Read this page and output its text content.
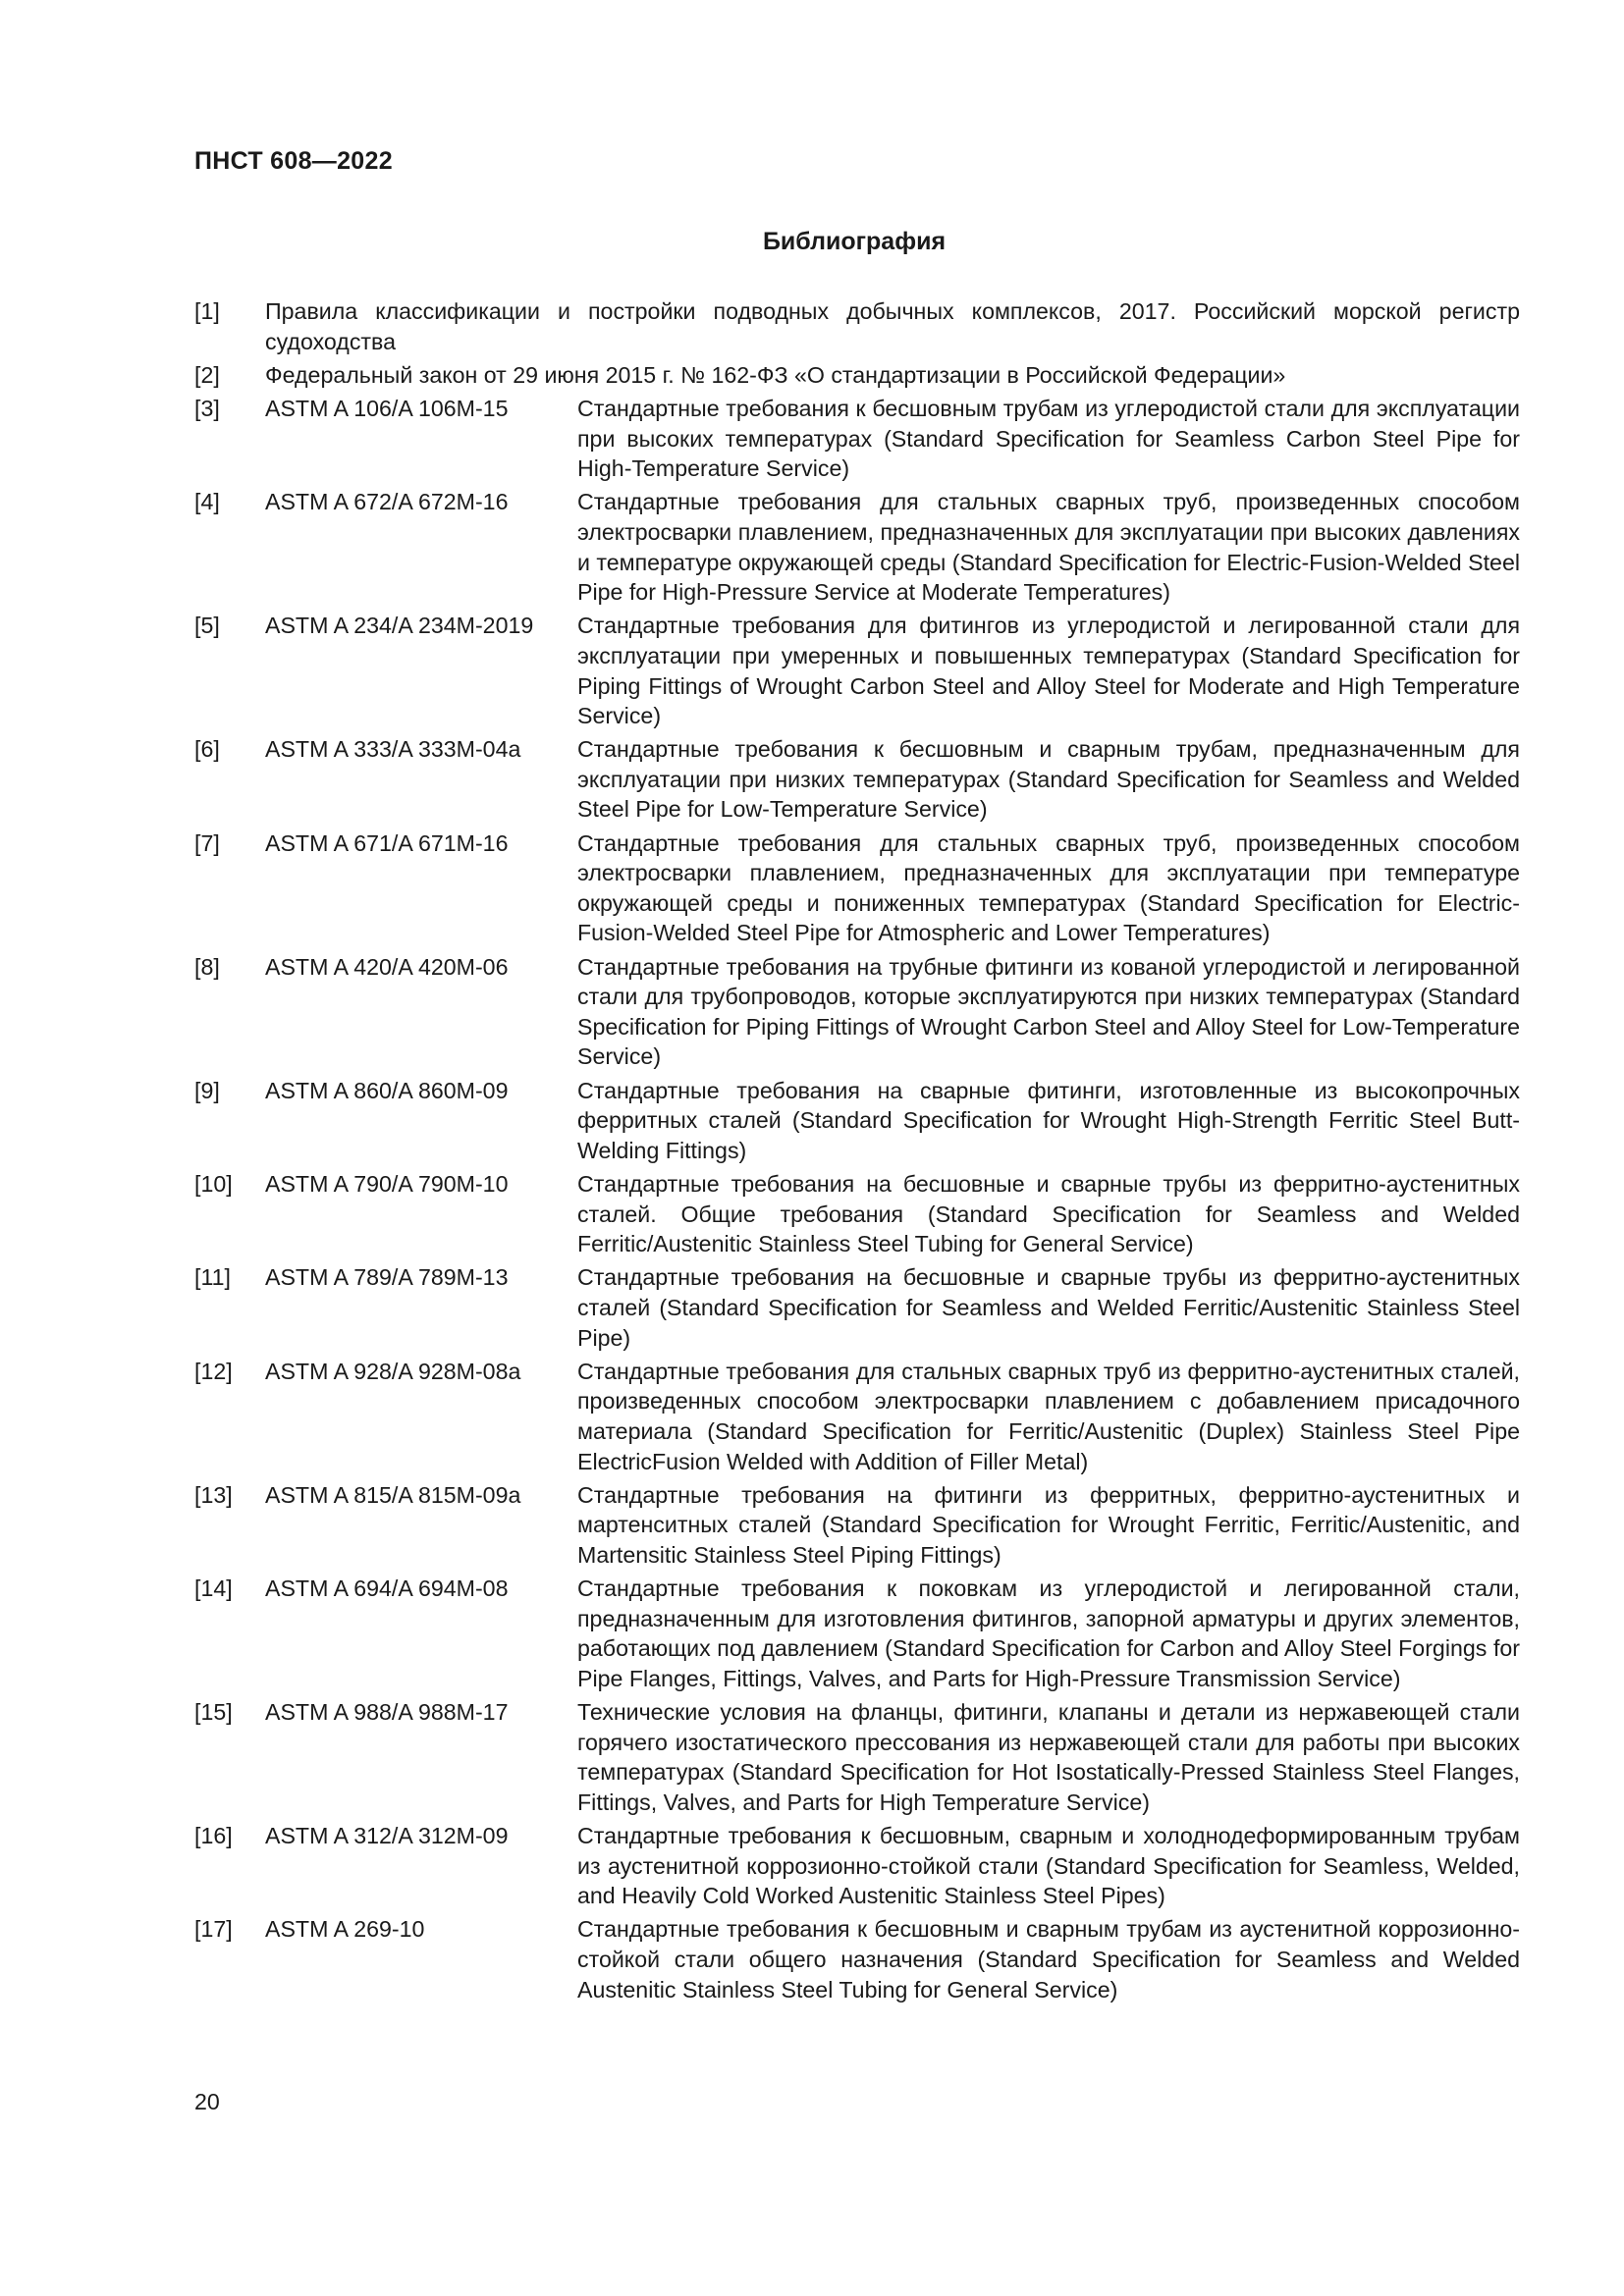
ПНСТ 608—2022
Библиография
[1]	Правила классификации и постройки подводных добычных комплексов, 2017. Российский морской регистр судоходства
[2]	Федеральный закон от 29 июня 2015 г. № 162-ФЗ «О стандартизации в Российской Федерации»
[3]	ASTM A 106/A 106M-15	Стандартные требования к бесшовным трубам из углеродистой стали для эксплуатации при высоких температурах (Standard Specification for Seamless Carbon Steel Pipe for High-Temperature Service)
[4]	ASTM A 672/A 672M-16	Стандартные требования для стальных сварных труб, произведенных способом электросварки плавлением, предназначенных для эксплуатации при высоких давлениях и температуре окружающей среды (Standard Specification for Electric-Fusion-Welded Steel Pipe for High-Pressure Service at Moderate Temperatures)
[5]	ASTM A 234/A 234M-2019	Стандартные требования для фитингов из углеродистой и легированной стали для эксплуатации при умеренных и повышенных температурах (Standard Specification for Piping Fittings of Wrought Carbon Steel and Alloy Steel for Moderate and High Temperature Service)
[6]	ASTM A 333/A 333M-04a	Стандартные требования к бесшовным и сварным трубам, предназначенным для эксплуатации при низких температурах (Standard Specification for Seamless and Welded Steel Pipe for Low-Temperature Service)
[7]	ASTM A 671/A 671M-16	Стандартные требования для стальных сварных труб, произведенных способом электросварки плавлением, предназначенных для эксплуатации при температуре окружающей среды и пониженных температурах (Standard Specification for Electric-Fusion-Welded Steel Pipe for Atmospheric and Lower Temperatures)
[8]	ASTM A 420/A 420M-06	Стандартные требования на трубные фитинги из кованой углеродистой и легированной стали для трубопроводов, которые эксплуатируются при низких температурах (Standard Specification for Piping Fittings of Wrought Carbon Steel and Alloy Steel for Low-Temperature Service)
[9]	ASTM A 860/A 860M-09	Стандартные требования на сварные фитинги, изготовленные из высокопрочных ферритных сталей (Standard Specification for Wrought High-Strength Ferritic Steel Butt-Welding Fittings)
[10]	ASTM A 790/A 790M-10	Стандартные требования на бесшовные и сварные трубы из ферритно-аустенитных сталей. Общие требования (Standard Specification for Seamless and Welded Ferritic/Austenitic Stainless Steel Tubing for General Service)
[11]	ASTM A 789/A 789M-13	Стандартные требования на бесшовные и сварные трубы из ферритно-аустенитных сталей (Standard Specification for Seamless and Welded Ferritic/Austenitic Stainless Steel Pipe)
[12]	ASTM A 928/A 928M-08a	Стандартные требования для стальных сварных труб из ферритно-аустенитных сталей, произведенных способом электросварки плавлением с добавлением присадочного материала (Standard Specification for Ferritic/Austenitic (Duplex) Stainless Steel Pipe ElectricFusion Welded with Addition of Filler Metal)
[13]	ASTM A 815/A 815M-09a	Стандартные требования на фитинги из ферритных, ферритно-аустенитных и мартенситных сталей (Standard Specification for Wrought Ferritic, Ferritic/Austenitic, and Martensitic Stainless Steel Piping Fittings)
[14]	ASTM A 694/A 694M-08	Стандартные требования к поковкам из углеродистой и легированной стали, предназначенным для изготовления фитингов, запорной арматуры и других элементов, работающих под давлением (Standard Specification for Carbon and Alloy Steel Forgings for Pipe Flanges, Fittings, Valves, and Parts for High-Pressure Transmission Service)
[15]	ASTM A 988/A 988M-17	Технические условия на фланцы, фитинги, клапаны и детали из нержавеющей стали горячего изостатического прессования из нержавеющей стали для работы при высоких температурах (Standard Specification for Hot Isostatically-Pressed Stainless Steel Flanges, Fittings, Valves, and Parts for High Temperature Service)
[16]	ASTM A 312/A 312M-09	Стандартные требования к бесшовным, сварным и холоднодеформированным трубам из аустенитной коррозионно-стойкой стали (Standard Specification for Seamless, Welded, and Heavily Cold Worked Austenitic Stainless Steel Pipes)
[17]	ASTM A 269-10	Стандартные требования к бесшовным и сварным трубам из аустенитной коррозионно-стойкой стали общего назначения (Standard Specification for Seamless and Welded Austenitic Stainless Steel Tubing for General Service)
20
